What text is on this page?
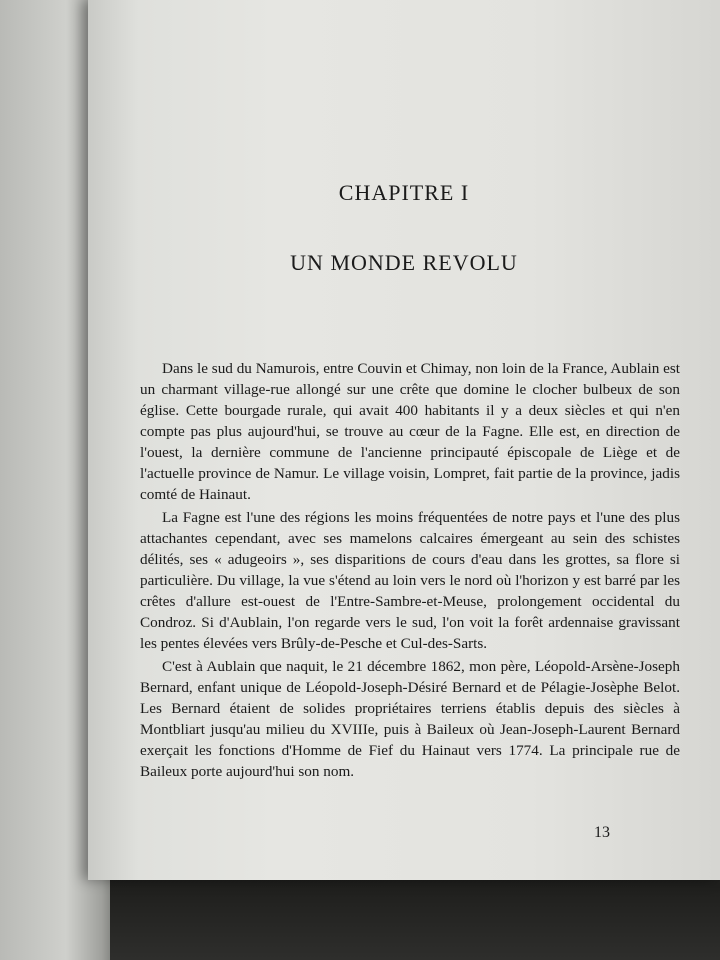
CHAPITRE I
UN MONDE REVOLU

Dans le sud du Namurois, entre Couvin et Chimay, non loin de la France, Aublain est un charmant village-rue allongé sur une crête que domine le clocher bulbeux de son église. Cette bourgade rurale, qui avait 400 habitants il y a deux siècles et qui n'en compte pas plus aujourd'hui, se trouve au cœur de la Fagne. Elle est, en direction de l'ouest, la dernière commune de l'ancienne principauté épiscopale de Liège et de l'actuelle province de Namur. Le village voisin, Lompret, fait partie de la province, jadis comté de Hainaut.

La Fagne est l'une des régions les moins fréquentées de notre pays et l'une des plus attachantes cependant, avec ses mamelons calcaires émergeant au sein des schistes délités, ses « adugeoirs », ses disparitions de cours d'eau dans les grottes, sa flore si particulière. Du village, la vue s'étend au loin vers le nord où l'horizon y est barré par les crêtes d'allure est-ouest de l'Entre-Sambre-et-Meuse, prolongement occidental du Condroz. Si d'Aublain, l'on regarde vers le sud, l'on voit la forêt ardennaise gravissant les pentes élevées vers Brûly-de-Pesche et Cul-des-Sarts.

C'est à Aublain que naquit, le 21 décembre 1862, mon père, Léopold-Arsène-Joseph Bernard, enfant unique de Léopold-Joseph-Désiré Bernard et de Pélagie-Josèphe Belot. Les Bernard étaient de solides propriétaires terriens établis depuis des siècles à Montbliart jusqu'au milieu du XVIIIe, puis à Baileux où Jean-Joseph-Laurent Bernard exerçait les fonctions d'Homme de Fief du Hainaut vers 1774. La principale rue de Baileux porte aujourd'hui son nom.

13
